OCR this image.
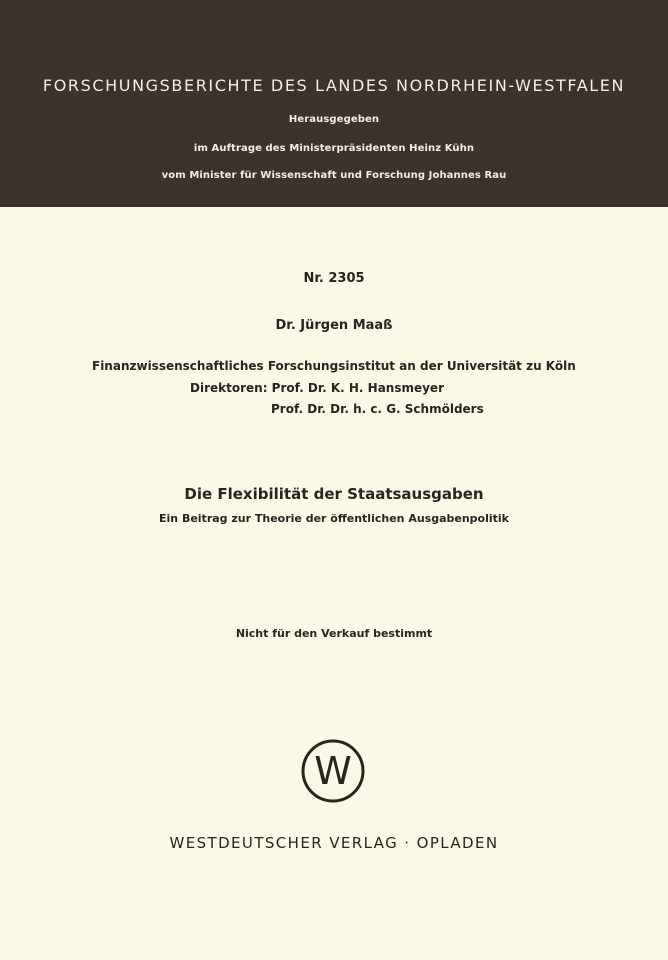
FORSCHUNGSBERICHTE DES LANDES NORDRHEIN-WESTFALEN
Herausgegeben
im Auftrage des Ministerpräsidenten Heinz Kühn
vom Minister für Wissenschaft und Forschung Johannes Rau
Nr. 2305
Dr. Jürgen Maaß
Finanzwissenschaftliches Forschungsinstitut an der Universität zu Köln
Direktoren: Prof. Dr. K. H. Hansmeyer
Prof. Dr. Dr. h. c. G. Schmölders
Die Flexibilität der Staatsausgaben
Ein Beitrag zur Theorie der öffentlichen Ausgabenpolitik
Nicht für den Verkauf bestimmt
W
WESTDEUTSCHER VERLAG · OPLADEN
